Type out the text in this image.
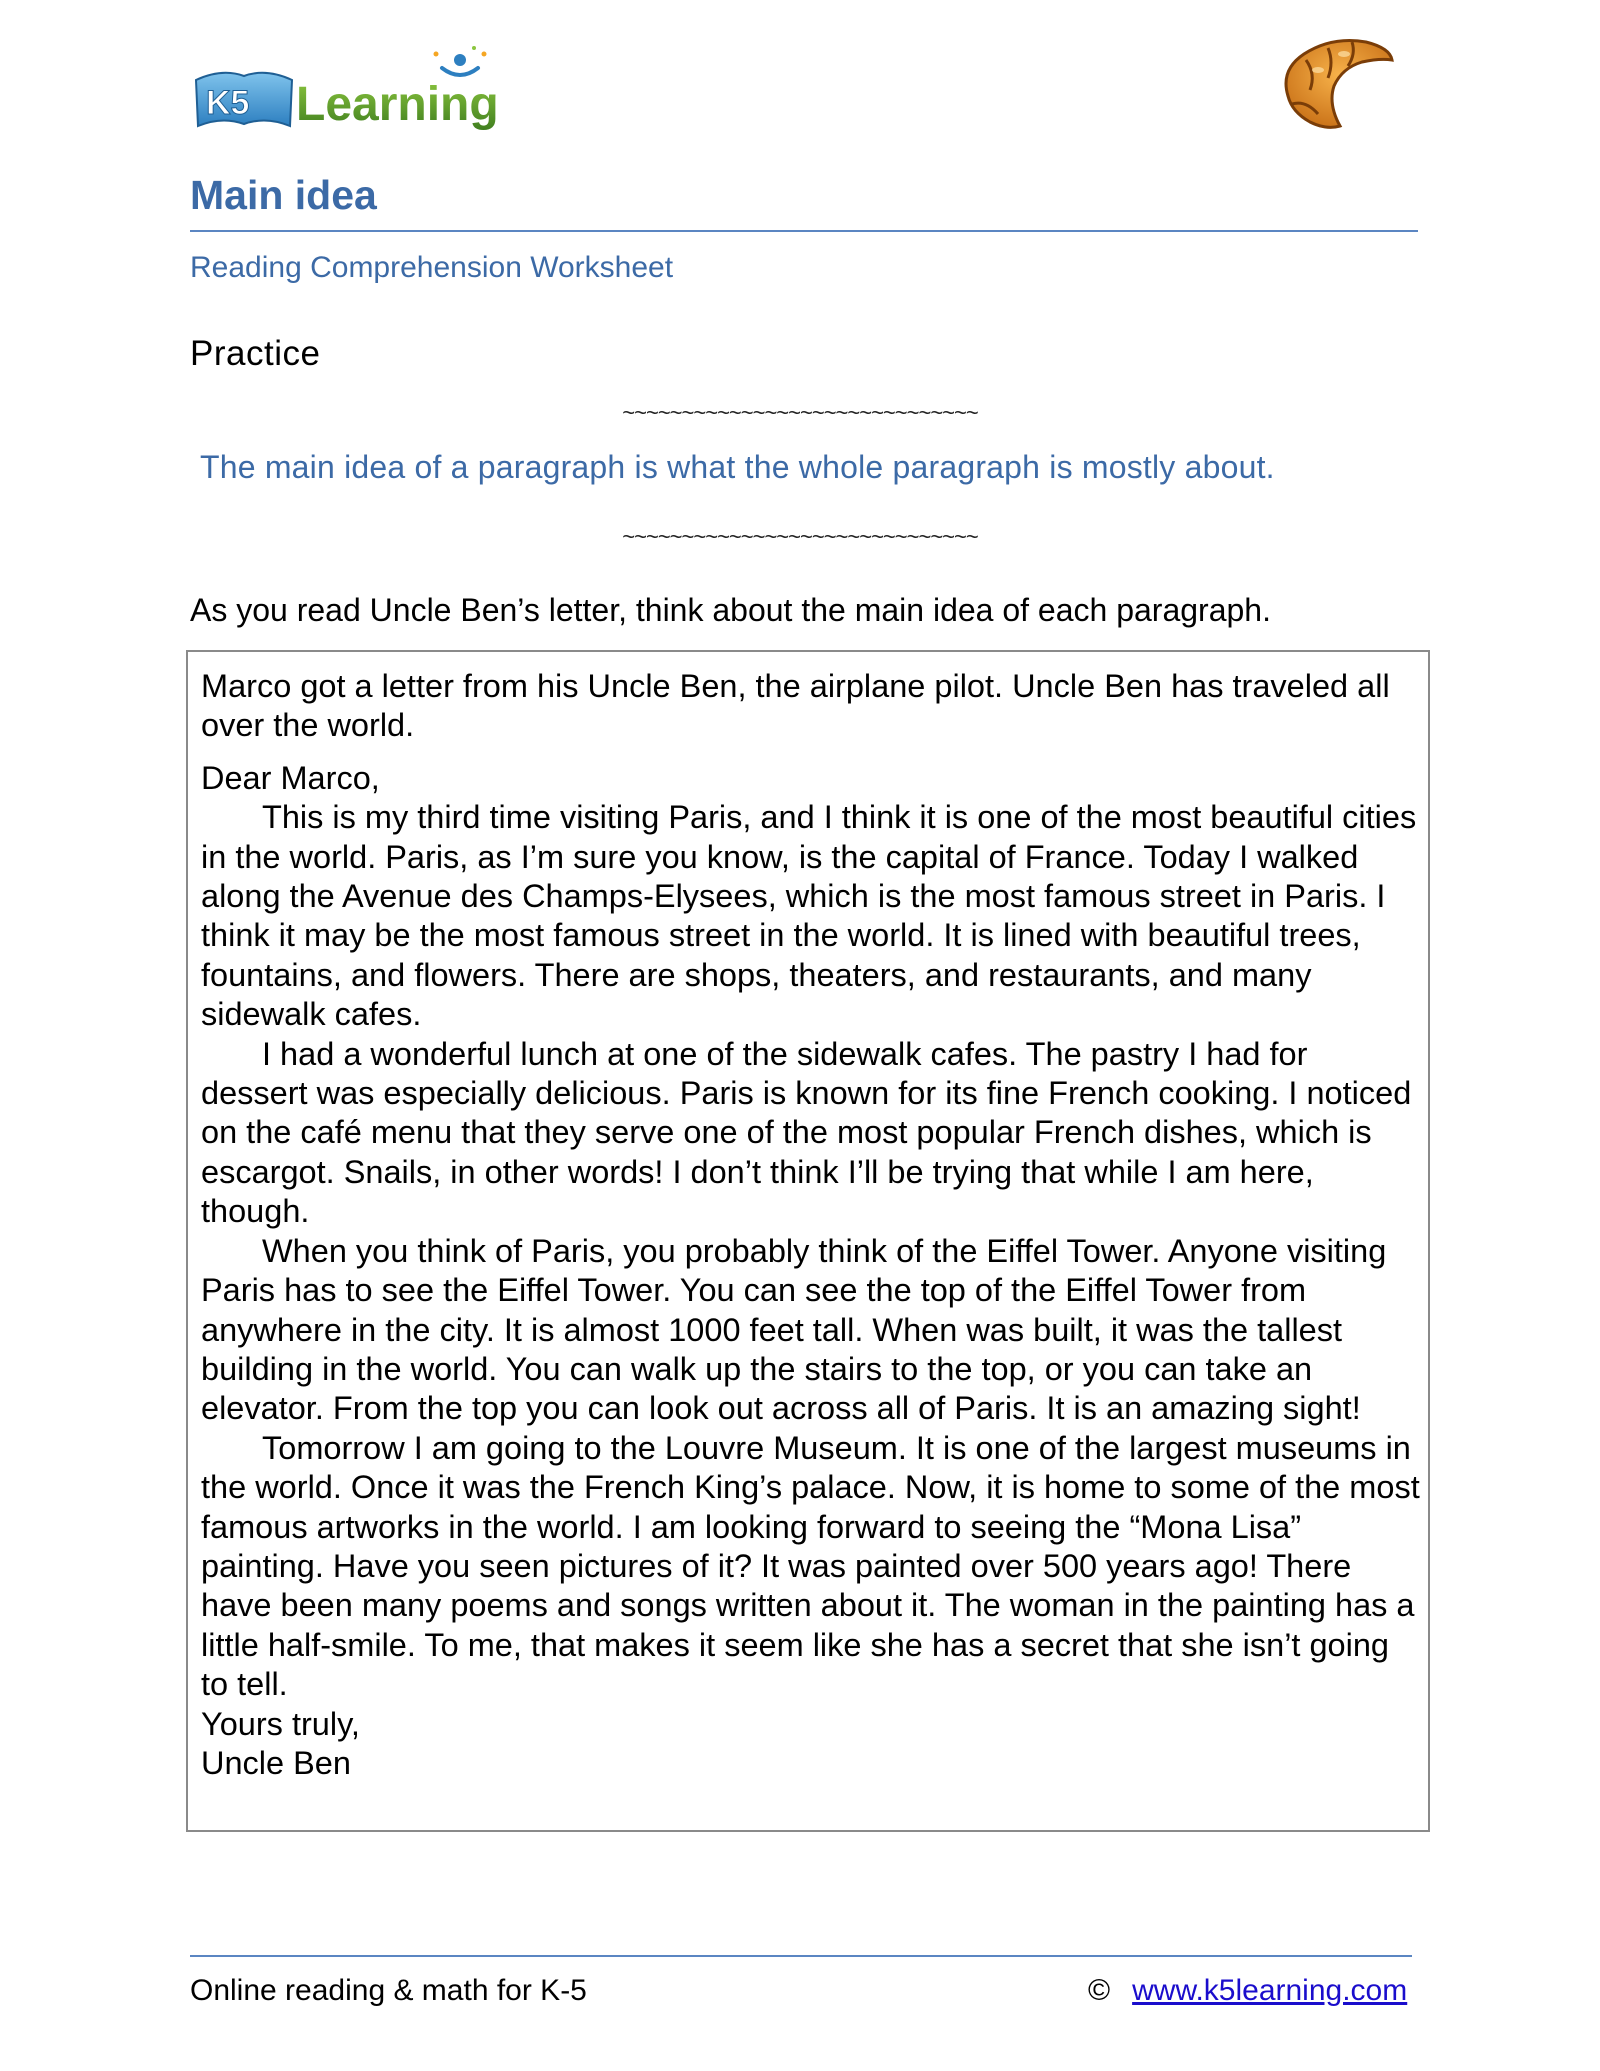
K5 Learning
Main idea
Reading Comprehension Worksheet
Practice
~~~~~~~~~~~~~~~~~~~~~~~~~~~~~~
The main idea of a paragraph is what the whole paragraph is mostly about.
~~~~~~~~~~~~~~~~~~~~~~~~~~~~~~
As you read Uncle Ben’s letter, think about the main idea of each paragraph.

Marco got a letter from his Uncle Ben, the airplane pilot. Uncle Ben has traveled all over the world.

Dear Marco,

This is my third time visiting Paris, and I think it is one of the most beautiful cities in the world. Paris, as I’m sure you know, is the capital of France. Today I walked along the Avenue des Champs-Elysees, which is the most famous street in Paris. I think it may be the most famous street in the world. It is lined with beautiful trees, fountains, and flowers. There are shops, theaters, and restaurants, and many sidewalk cafes.

I had a wonderful lunch at one of the sidewalk cafes. The pastry I had for dessert was especially delicious. Paris is known for its fine French cooking. I noticed on the café menu that they serve one of the most popular French dishes, which is escargot. Snails, in other words! I don’t think I’ll be trying that while I am here, though.

When you think of Paris, you probably think of the Eiffel Tower. Anyone visiting Paris has to see the Eiffel Tower. You can see the top of the Eiffel Tower from anywhere in the city. It is almost 1000 feet tall. When was built, it was the tallest building in the world. You can walk up the stairs to the top, or you can take an elevator. From the top you can look out across all of Paris. It is an amazing sight!

Tomorrow I am going to the Louvre Museum. It is one of the largest museums in the world. Once it was the French King’s palace. Now, it is home to some of the most famous artworks in the world. I am looking forward to seeing the “Mona Lisa” painting. Have you seen pictures of it? It was painted over 500 years ago! There have been many poems and songs written about it. The woman in the painting has a little half-smile. To me, that makes it seem like she has a secret that she isn’t going to tell.

Yours truly,

Uncle Ben

Online reading & math for K-5	© www.k5learning.com
